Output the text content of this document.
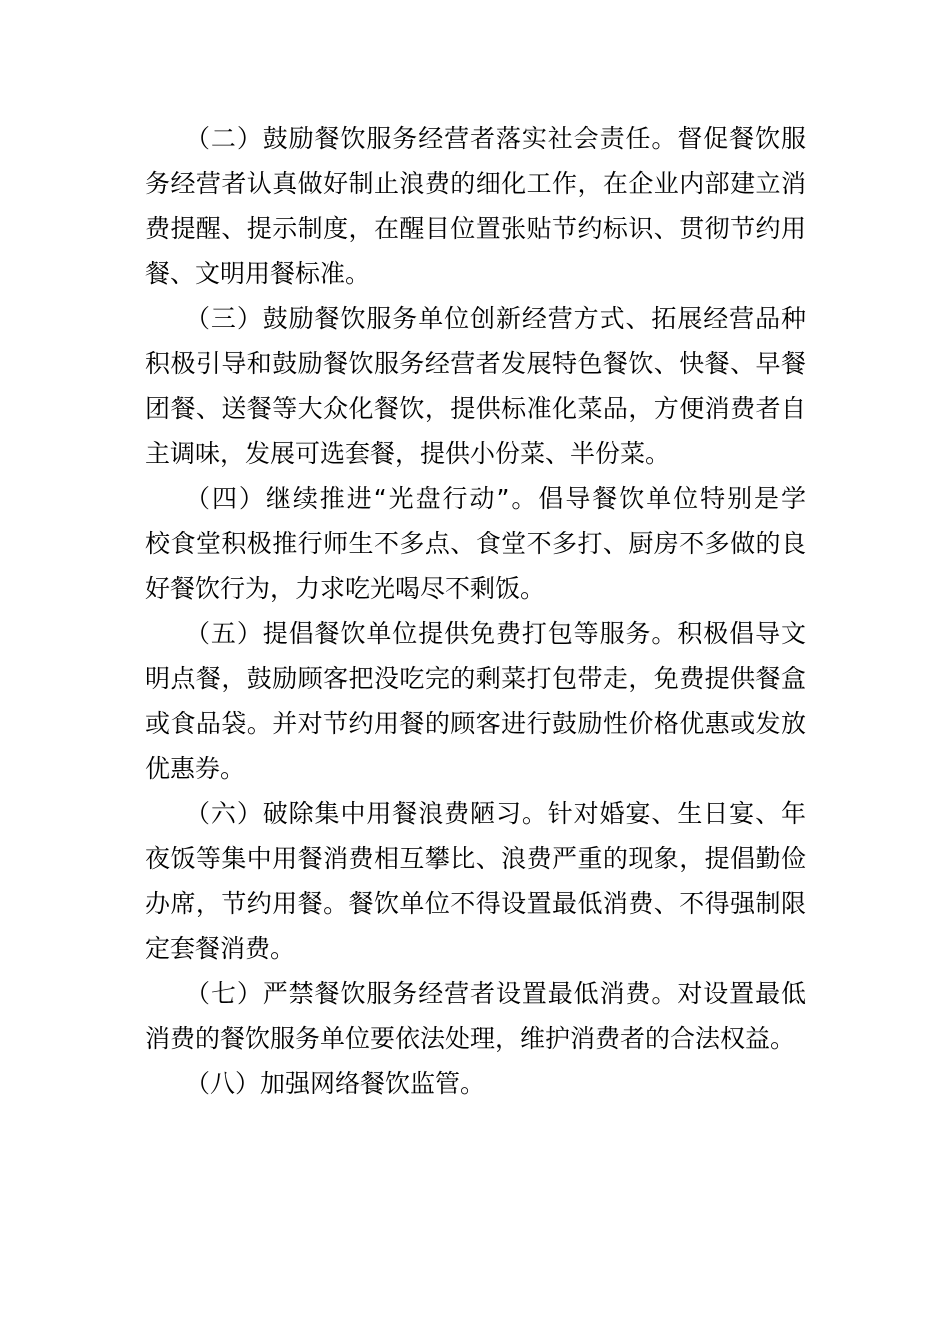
（二）鼓励餐饮服务经营者落实社会责任。督促餐饮服
务经营者认真做好制止浪费的细化工作，在企业内部建立消
费提醒、提示制度，在醒目位置张贴节约标识、贯彻节约用
餐、文明用餐标准。
（三）鼓励餐饮服务单位创新经营方式、拓展经营品种
积极引导和鼓励餐饮服务经营者发展特色餐饮、快餐、早餐
团餐、送餐等大众化餐饮，提供标准化菜品，方便消费者自
主调味，发展可选套餐，提供小份菜、半份菜。
（四）继续推进“光盘行动”。倡导餐饮单位特别是学
校食堂积极推行师生不多点、食堂不多打、厨房不多做的良
好餐饮行为，力求吃光喝尽不剩饭。
（五）提倡餐饮单位提供免费打包等服务。积极倡导文
明点餐，鼓励顾客把没吃完的剩菜打包带走，免费提供餐盒
或食品袋。并对节约用餐的顾客进行鼓励性价格优惠或发放
优惠券。
（六）破除集中用餐浪费陋习。针对婚宴、生日宴、年
夜饭等集中用餐消费相互攀比、浪费严重的现象，提倡勤俭
办席，节约用餐。餐饮单位不得设置最低消费、不得强制限
定套餐消费。
（七）严禁餐饮服务经营者设置最低消费。对设置最低
消费的餐饮服务单位要依法处理，维护消费者的合法权益。
（八）加强网络餐饮监管。
